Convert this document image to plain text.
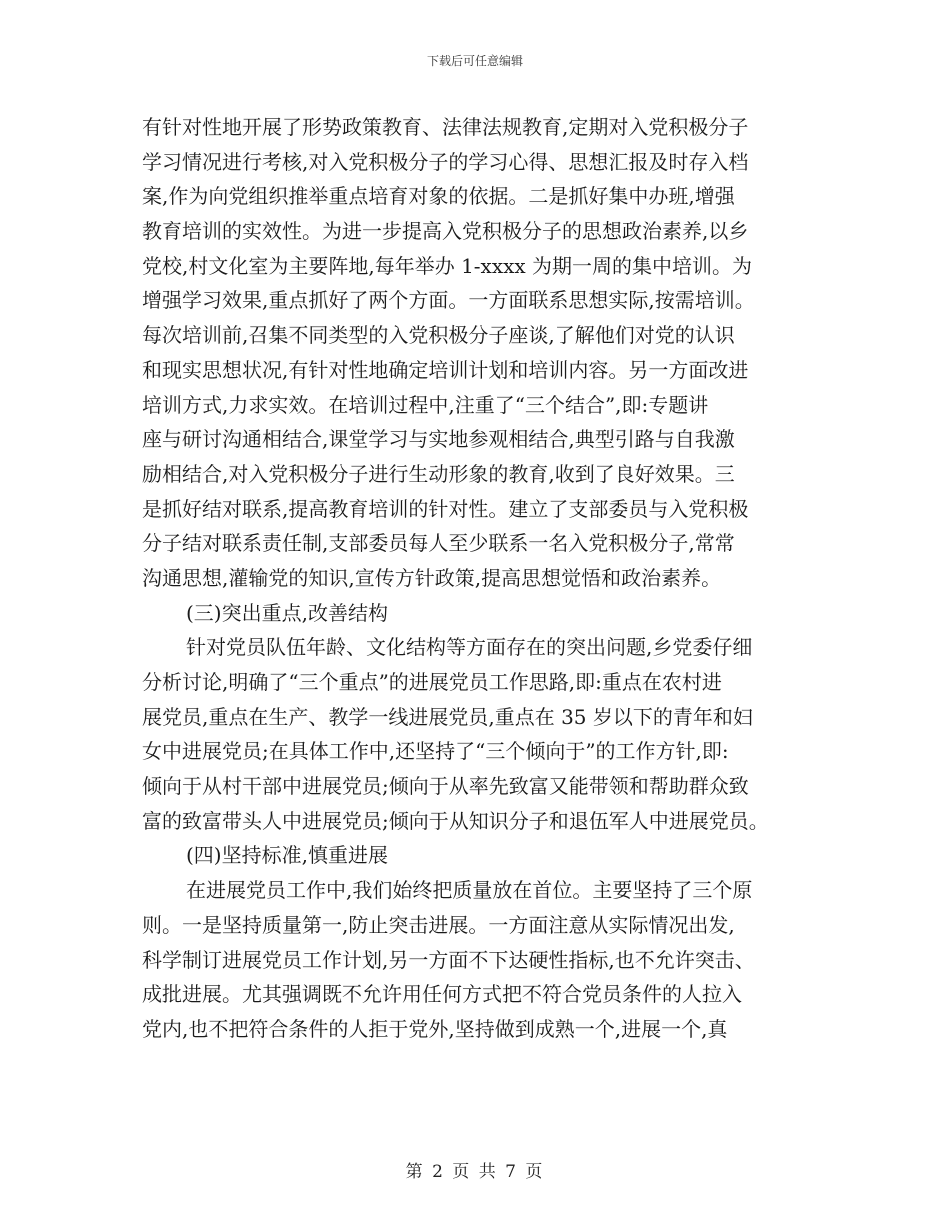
下载后可任意编辑
有针对性地开展了形势政策教育、法律法规教育,定期对入党积极分子
学习情况进行考核,对入党积极分子的学习心得、思想汇报及时存入档
案,作为向党组织推举重点培育对象的依据。二是抓好集中办班,增强
教育培训的实效性。为进一步提高入党积极分子的思想政治素养,以乡
党校,村文化室为主要阵地,每年举办 1-xxxx 为期一周的集中培训。为
增强学习效果,重点抓好了两个方面。一方面联系思想实际,按需培训。
每次培训前,召集不同类型的入党积极分子座谈,了解他们对党的认识
和现实思想状况,有针对性地确定培训计划和培训内容。另一方面改进
培训方式,力求实效。在培训过程中,注重了“三个结合”,即:专题讲
座与研讨沟通相结合,课堂学习与实地参观相结合,典型引路与自我激
励相结合,对入党积极分子进行生动形象的教育,收到了良好效果。三
是抓好结对联系,提高教育培训的针对性。建立了支部委员与入党积极
分子结对联系责任制,支部委员每人至少联系一名入党积极分子,常常
沟通思想,灌输党的知识,宣传方针政策,提高思想觉悟和政治素养。
(三)突出重点,改善结构
针对党员队伍年龄、文化结构等方面存在的突出问题,乡党委仔细
分析讨论,明确了“三个重点”的进展党员工作思路,即:重点在农村进
展党员,重点在生产、教学一线进展党员,重点在 35 岁以下的青年和妇
女中进展党员;在具体工作中,还坚持了“三个倾向于”的工作方针,即:
倾向于从村干部中进展党员;倾向于从率先致富又能带领和帮助群众致
富的致富带头人中进展党员;倾向于从知识分子和退伍军人中进展党员。
(四)坚持标准,慎重进展
在进展党员工作中,我们始终把质量放在首位。主要坚持了三个原
则。一是坚持质量第一,防止突击进展。一方面注意从实际情况出发,
科学制订进展党员工作计划,另一方面不下达硬性指标,也不允许突击、
成批进展。尤其强调既不允许用任何方式把不符合党员条件的人拉入
党内,也不把符合条件的人拒于党外,坚持做到成熟一个,进展一个,真
第 2 页 共 7 页
